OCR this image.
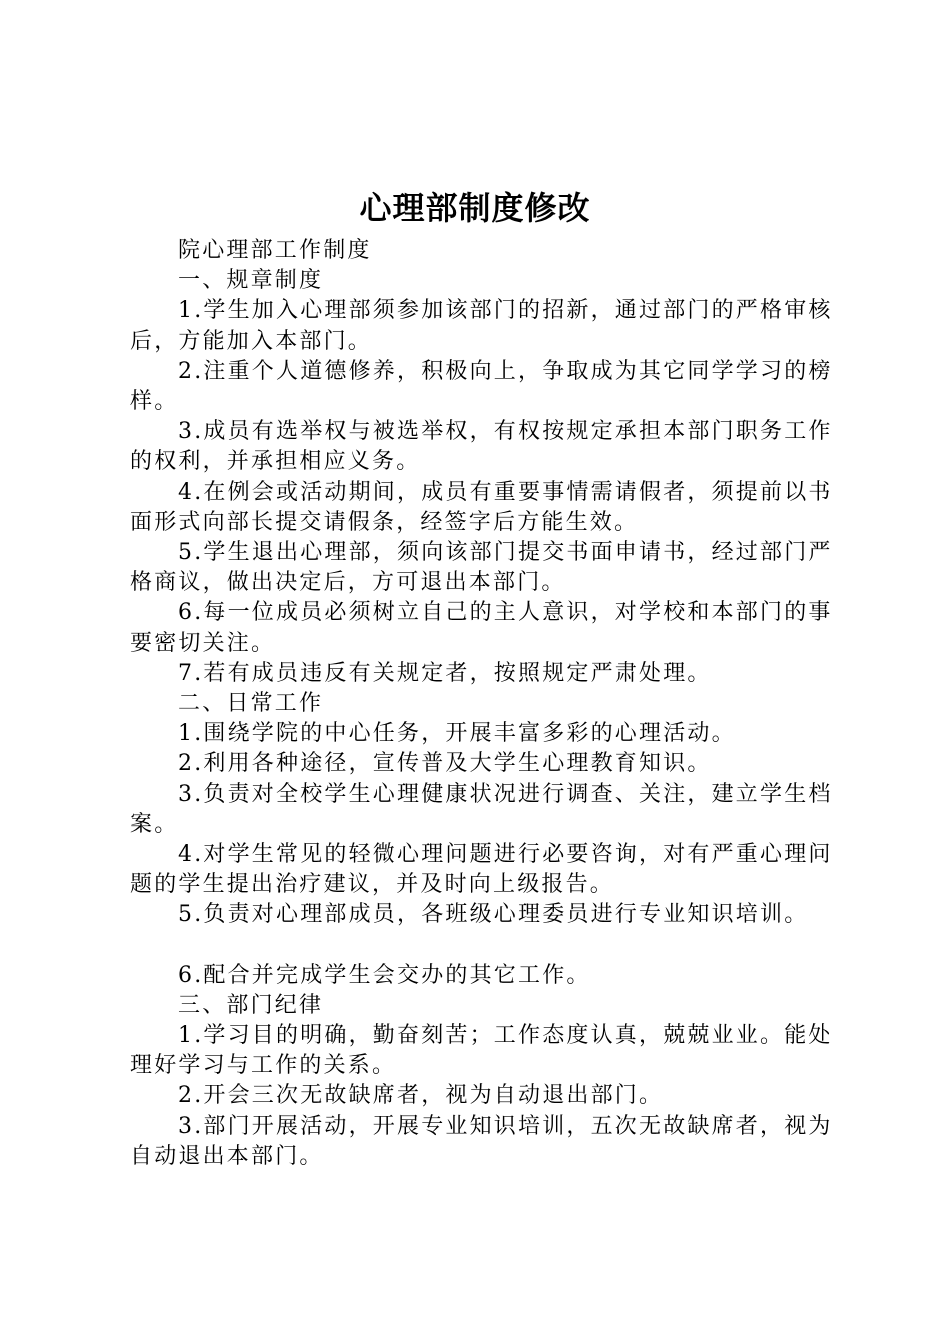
心理部制度修改

院心理部工作制度

一、规章制度

1.学生加入心理部须参加该部门的招新，通过部门的严格审核后，方能加入本部门。

2.注重个人道德修养，积极向上，争取成为其它同学学习的榜样。

3.成员有选举权与被选举权，有权按规定承担本部门职务工作的权利，并承担相应义务。

4.在例会或活动期间，成员有重要事情需请假者，须提前以书面形式向部长提交请假条，经签字后方能生效。

5.学生退出心理部，须向该部门提交书面申请书，经过部门严格商议，做出决定后，方可退出本部门。

6.每一位成员必须树立自己的主人意识，对学校和本部门的事要密切关注。

7.若有成员违反有关规定者，按照规定严肃处理。

二、日常工作

1.围绕学院的中心任务，开展丰富多彩的心理活动。

2.利用各种途径，宣传普及大学生心理教育知识。

3.负责对全校学生心理健康状况进行调查、关注，建立学生档案。

4.对学生常见的轻微心理问题进行必要咨询，对有严重心理问题的学生提出治疗建议，并及时向上级报告。

5.负责对心理部成员，各班级心理委员进行专业知识培训。

6.配合并完成学生会交办的其它工作。

三、部门纪律

1.学习目的明确，勤奋刻苦；工作态度认真，兢兢业业。能处理好学习与工作的关系。

2.开会三次无故缺席者，视为自动退出部门。

3.部门开展活动，开展专业知识培训，五次无故缺席者，视为自动退出本部门。
